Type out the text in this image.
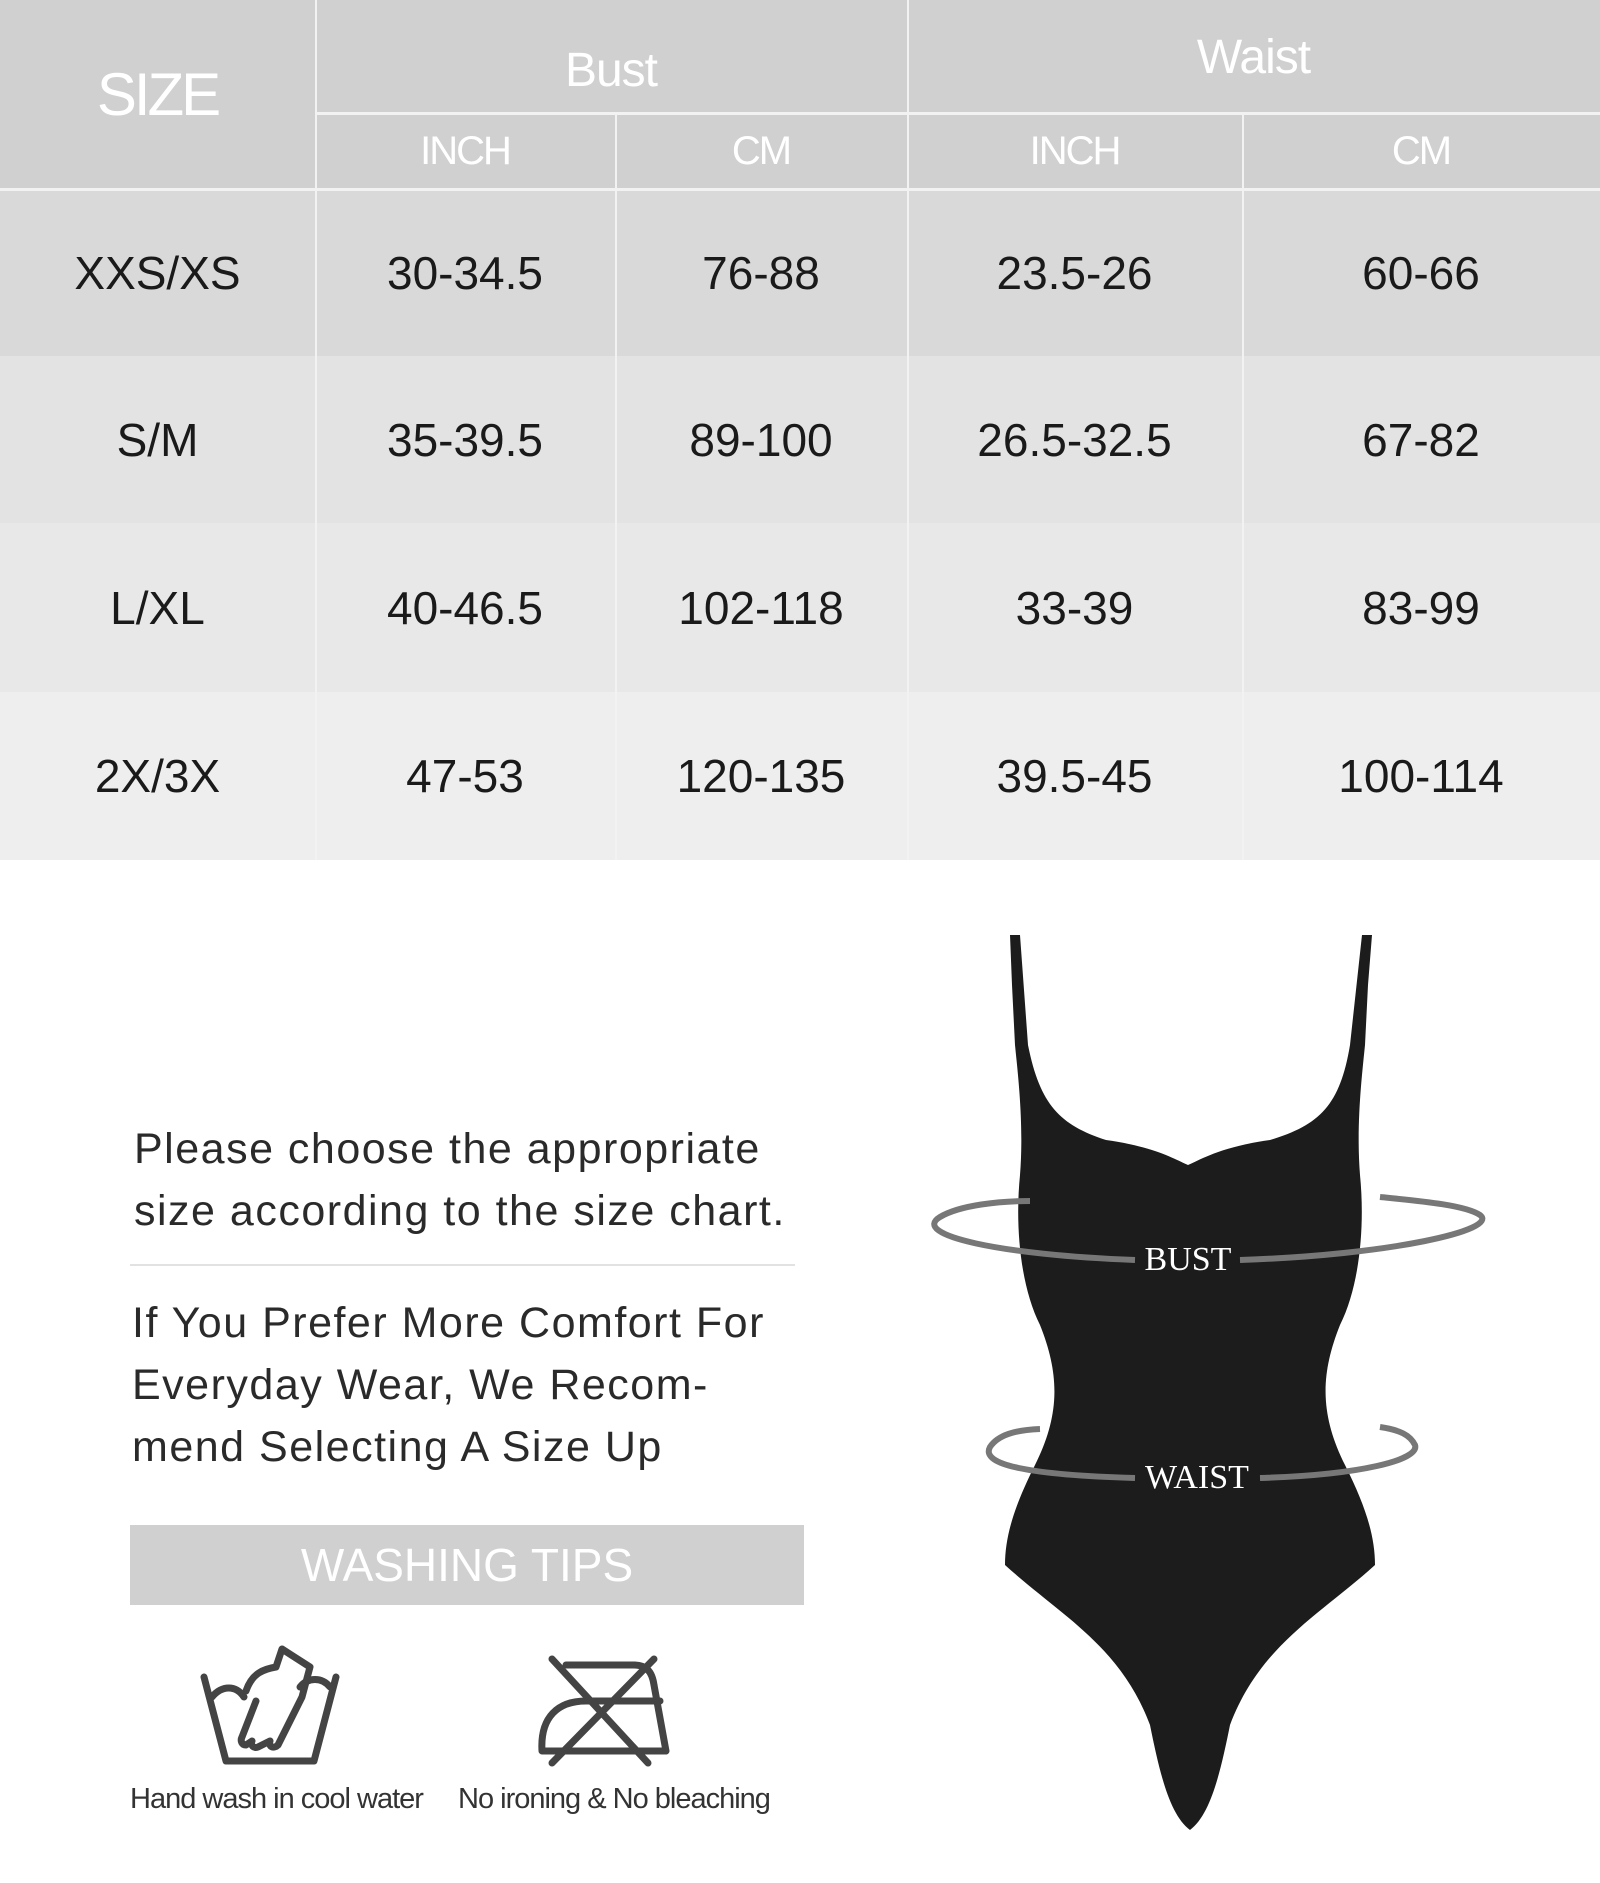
SIZE	Bust	Waist
INCH	CM	INCH	CM
XXS/XS	30-34.5	76-88	23.5-26	60-66
S/M	35-39.5	89-100	26.5-32.5	67-82
L/XL	40-46.5	102-118	33-39	83-99
2X/3X	47-53	120-135	39.5-45	100-114
Please choose the appropriate
size according to the size chart.
If You Prefer More Comfort For
Everyday Wear, We Recom-
mend Selecting A Size Up
WASHING TIPS
Hand wash in cool water No ironing & No bleaching
BUST
WAIST
